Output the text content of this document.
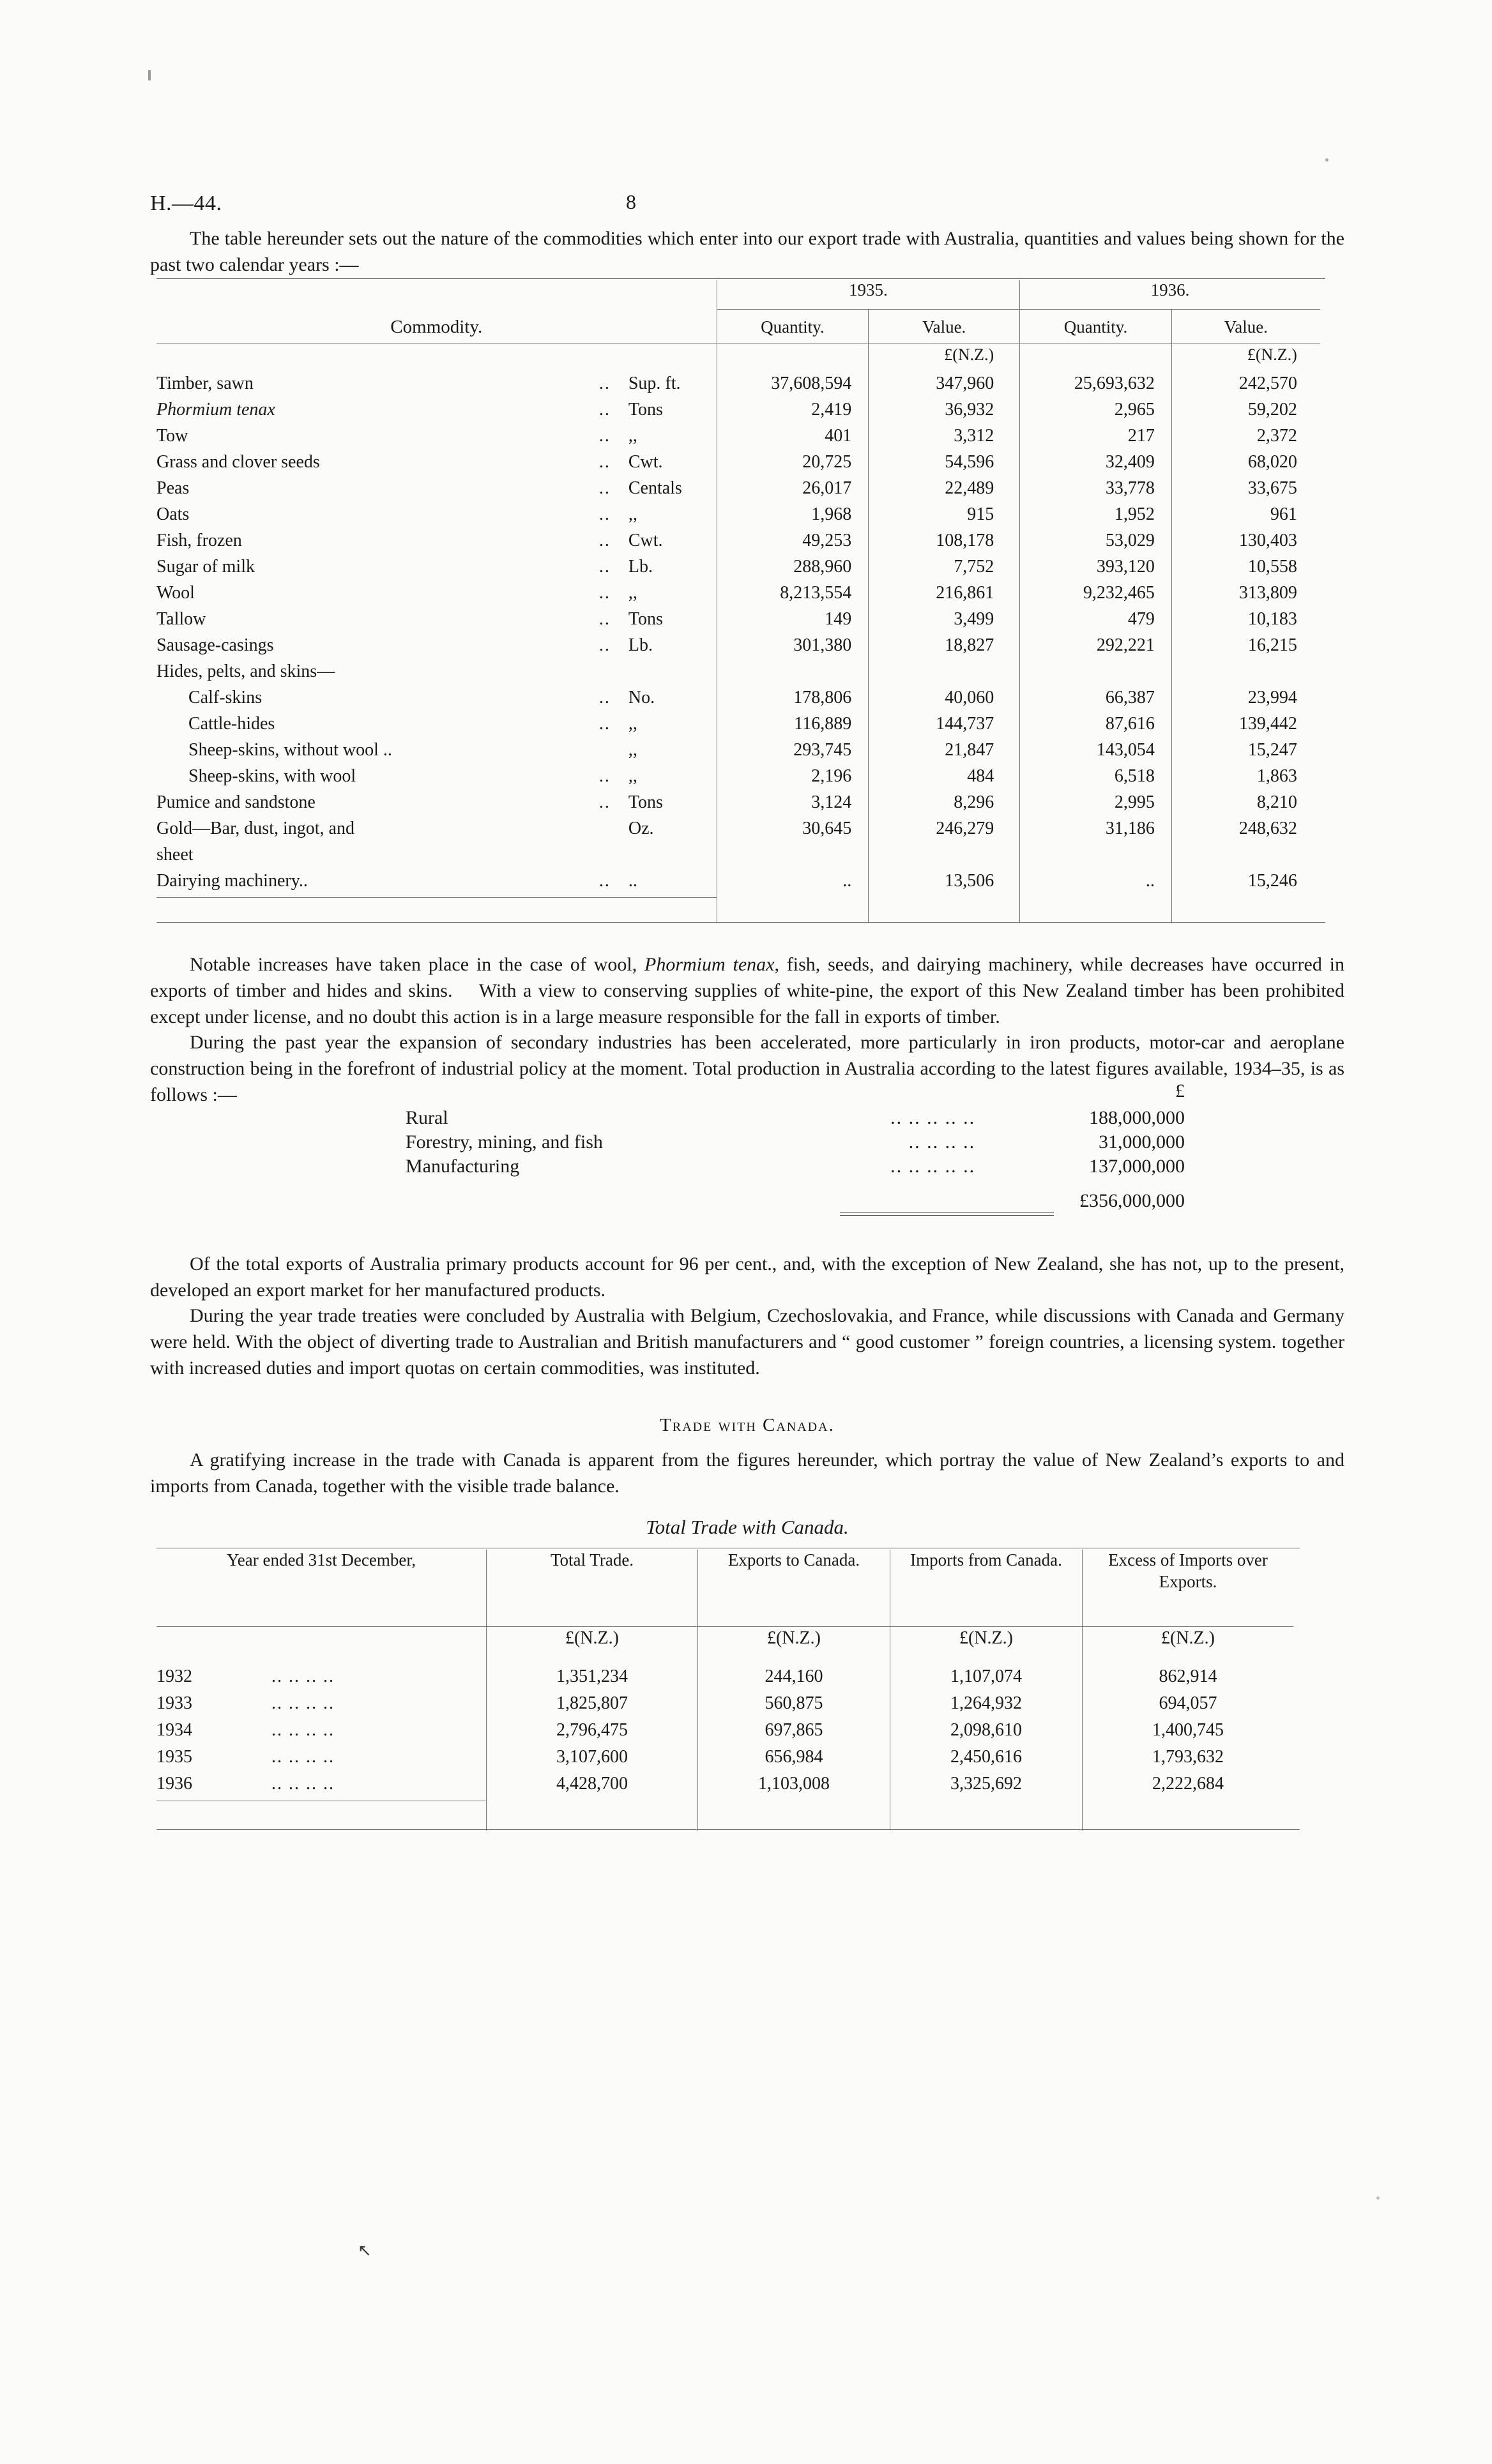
H.—44.	8

The table hereunder sets out the nature of the commodities which enter into our export trade with Australia, quantities and values being shown for the past two calendar years :—

			1935.		1936.		
Commodity.			Quantity.	Value.	Quantity.	Value.	

				£(N.Z.)		£(N.Z.)	
Timber, sawn	..	Sup. ft.	37,608,594	347,960	25,693,632	242,570	
Phormium tenax	..	Tons	2,419	36,932	2,965	59,202	
Tow	..	,,	401	3,312	217	2,372	
Grass and clover seeds	..	Cwt.	20,725	54,596	32,409	68,020	
Peas	..	Centals	26,017	22,489	33,778	33,675	
Oats	..	,,	1,968	915	1,952	961	
Fish, frozen	..	Cwt.	49,253	108,178	53,029	130,403	
Sugar of milk	..	Lb.	288,960	7,752	393,120	10,558	
Wool	..	,,	8,213,554	216,861	9,232,465	313,809	
Tallow	..	Tons	149	3,499	479	10,183	
Sausage-casings	..	Lb.	301,380	18,827	292,221	16,215	
Hides, pelts, and skins—							
Calf-skins	..	No.	178,806	40,060	66,387	23,994	
Cattle-hides	..	,,	116,889	144,737	87,616	139,442	
Sheep-skins, without wool ..		,,	293,745	21,847	143,054	15,247	
Sheep-skins, with wool	..	,,	2,196	484	6,518	1,863	
Pumice and sandstone	..	Tons	3,124	8,296	2,995	8,210	
Gold—Bar, dust, ingot, and		Oz.	30,645	246,279	31,186	248,632	
sheet							
Dairying machinery..	..	..	..	13,506	..	15,246	

Notable increases have taken place in the case of wool, Phormium tenax, fish, seeds, and dairying machinery, while decreases have occurred in exports of timber and hides and skins.    With a view to conserving supplies of white-pine, the export of this New Zealand timber has been prohibited except under license, and no doubt this action is in a large measure responsible for the fall in exports of timber.

During the past year the expansion of secondary industries has been accelerated, more particularly in iron products, motor-car and aeroplane construction being in the forefront of industrial policy at the moment. Total production in Australia according to the latest figures available, 1934–35, is as follows :—	£
Rural	.. .. .. .. ..	188,000,000
Forestry, mining, and fish	.. .. .. ..	31,000,000
Manufacturing	.. .. .. .. ..	137,000,000
£356,000,000

Of the total exports of Australia primary products account for 96 per cent., and, with the exception of New Zealand, she has not, up to the present, developed an export market for her manufactured products.

During the year trade treaties were concluded by Australia with Belgium, Czechoslovakia, and France, while discussions with Canada and Germany were held. With the object of diverting trade to Australian and British manufacturers and “ good customer ” foreign countries, a licensing system. together with increased duties and import quotas on certain commodities, was instituted.

Trade with Canada.

A gratifying increase in the trade with Canada is apparent from the figures hereunder, which portray the value of New Zealand’s exports to and imports from Canada, together with the visible trade balance.

Total Trade with Canada.

Year ended 31st December,		Total Trade.	Exports to Canada.	Imports from Canada.	Excess of Imports over Exports.	

		£(N.Z.)	£(N.Z.)	£(N.Z.)	£(N.Z.)	
1932	.. .. .. ..	1,351,234	244,160	1,107,074	862,914	
1933	.. .. .. ..	1,825,807	560,875	1,264,932	694,057	
1934	.. .. .. ..	2,796,475	697,865	2,098,610	1,400,745	
1935	.. .. .. ..	3,107,600	656,984	2,450,616	1,793,632	
1936	.. .. .. ..	4,428,700	1,103,008	3,325,692	2,222,684	

↖
